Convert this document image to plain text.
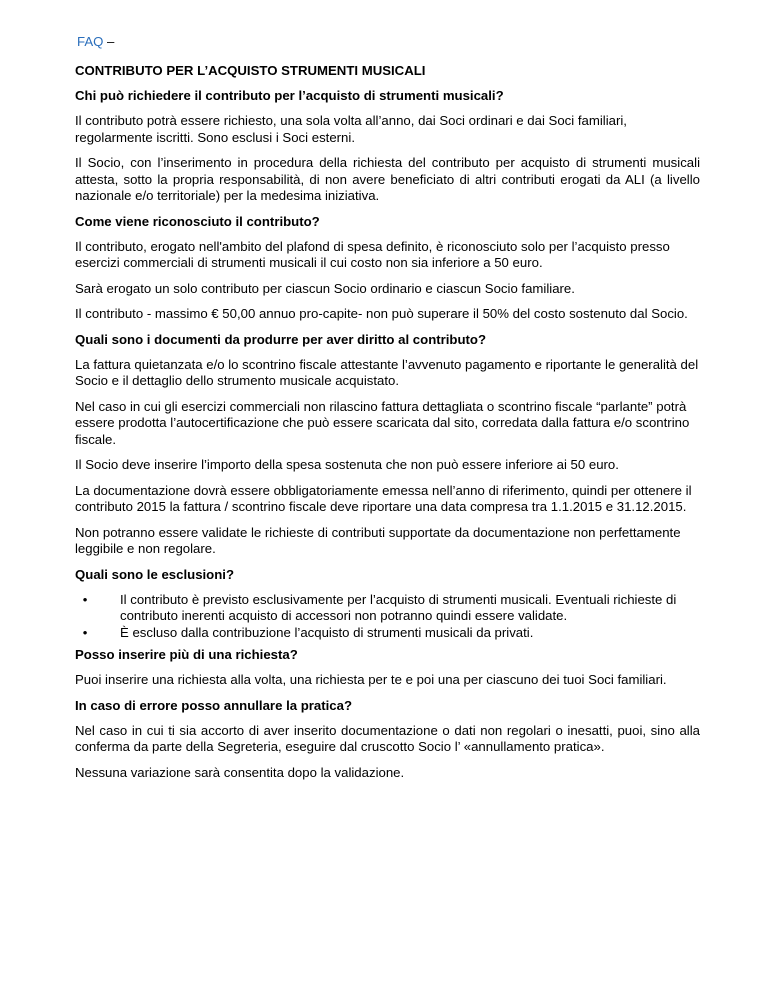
FAQ –
CONTRIBUTO PER L’ACQUISTO STRUMENTI MUSICALI
Chi può richiedere il contributo per l’acquisto di strumenti musicali?

Il contributo potrà essere richiesto, una sola volta all’anno, dai Soci ordinari e dai Soci familiari, regolarmente iscritti. Sono esclusi i Soci esterni.

Il Socio, con l’inserimento in procedura della richiesta del contributo per acquisto di strumenti musicali attesta, sotto la propria responsabilità, di non avere beneficiato di altri contributi erogati da ALI (a livello nazionale e/o territoriale) per la medesima iniziativa.

Come viene riconosciuto il contributo?

Il contributo, erogato nell'ambito del plafond di spesa definito, è riconosciuto solo per l’acquisto presso esercizi commerciali di strumenti musicali il cui costo non sia inferiore a 50 euro.

Sarà erogato un solo contributo per ciascun Socio ordinario e ciascun Socio familiare.

Il contributo - massimo € 50,00 annuo pro-capite- non può superare il 50% del costo sostenuto dal Socio.

Quali sono i documenti da produrre per aver diritto al contributo?

La fattura quietanzata e/o lo scontrino fiscale attestante l’avvenuto pagamento e riportante le generalità del Socio e il dettaglio dello strumento musicale acquistato.

Nel caso in cui gli esercizi commerciali non rilascino fattura dettagliata o scontrino fiscale “parlante” potrà essere prodotta l’autocertificazione che può essere scaricata dal sito, corredata dalla fattura e/o scontrino fiscale.

Il Socio deve inserire l’importo della spesa sostenuta che non può essere inferiore ai 50 euro.

La documentazione dovrà essere obbligatoriamente emessa nell’anno di riferimento, quindi per ottenere il contributo 2015 la fattura / scontrino fiscale deve riportare una data compresa tra 1.1.2015 e 31.12.2015.

Non potranno essere validate le richieste di contributi supportate da documentazione non perfettamente leggibile e non regolare.

Quali sono le esclusioni?
•	Il contributo è previsto esclusivamente per l’acquisto di strumenti musicali. Eventuali richieste di contributo inerenti acquisto di accessori non potranno quindi essere validate.
•	È escluso dalla contribuzione l’acquisto di strumenti musicali da privati.
Posso inserire più di una richiesta?

Puoi inserire una richiesta alla volta, una richiesta per te e poi una per ciascuno dei tuoi Soci familiari.

In caso di errore posso annullare la pratica?

Nel caso in cui ti sia accorto di aver inserito documentazione o dati non regolari o inesatti, puoi, sino alla conferma da parte della Segreteria, eseguire dal cruscotto Socio l’ «annullamento pratica».

Nessuna variazione sarà consentita dopo la validazione.
